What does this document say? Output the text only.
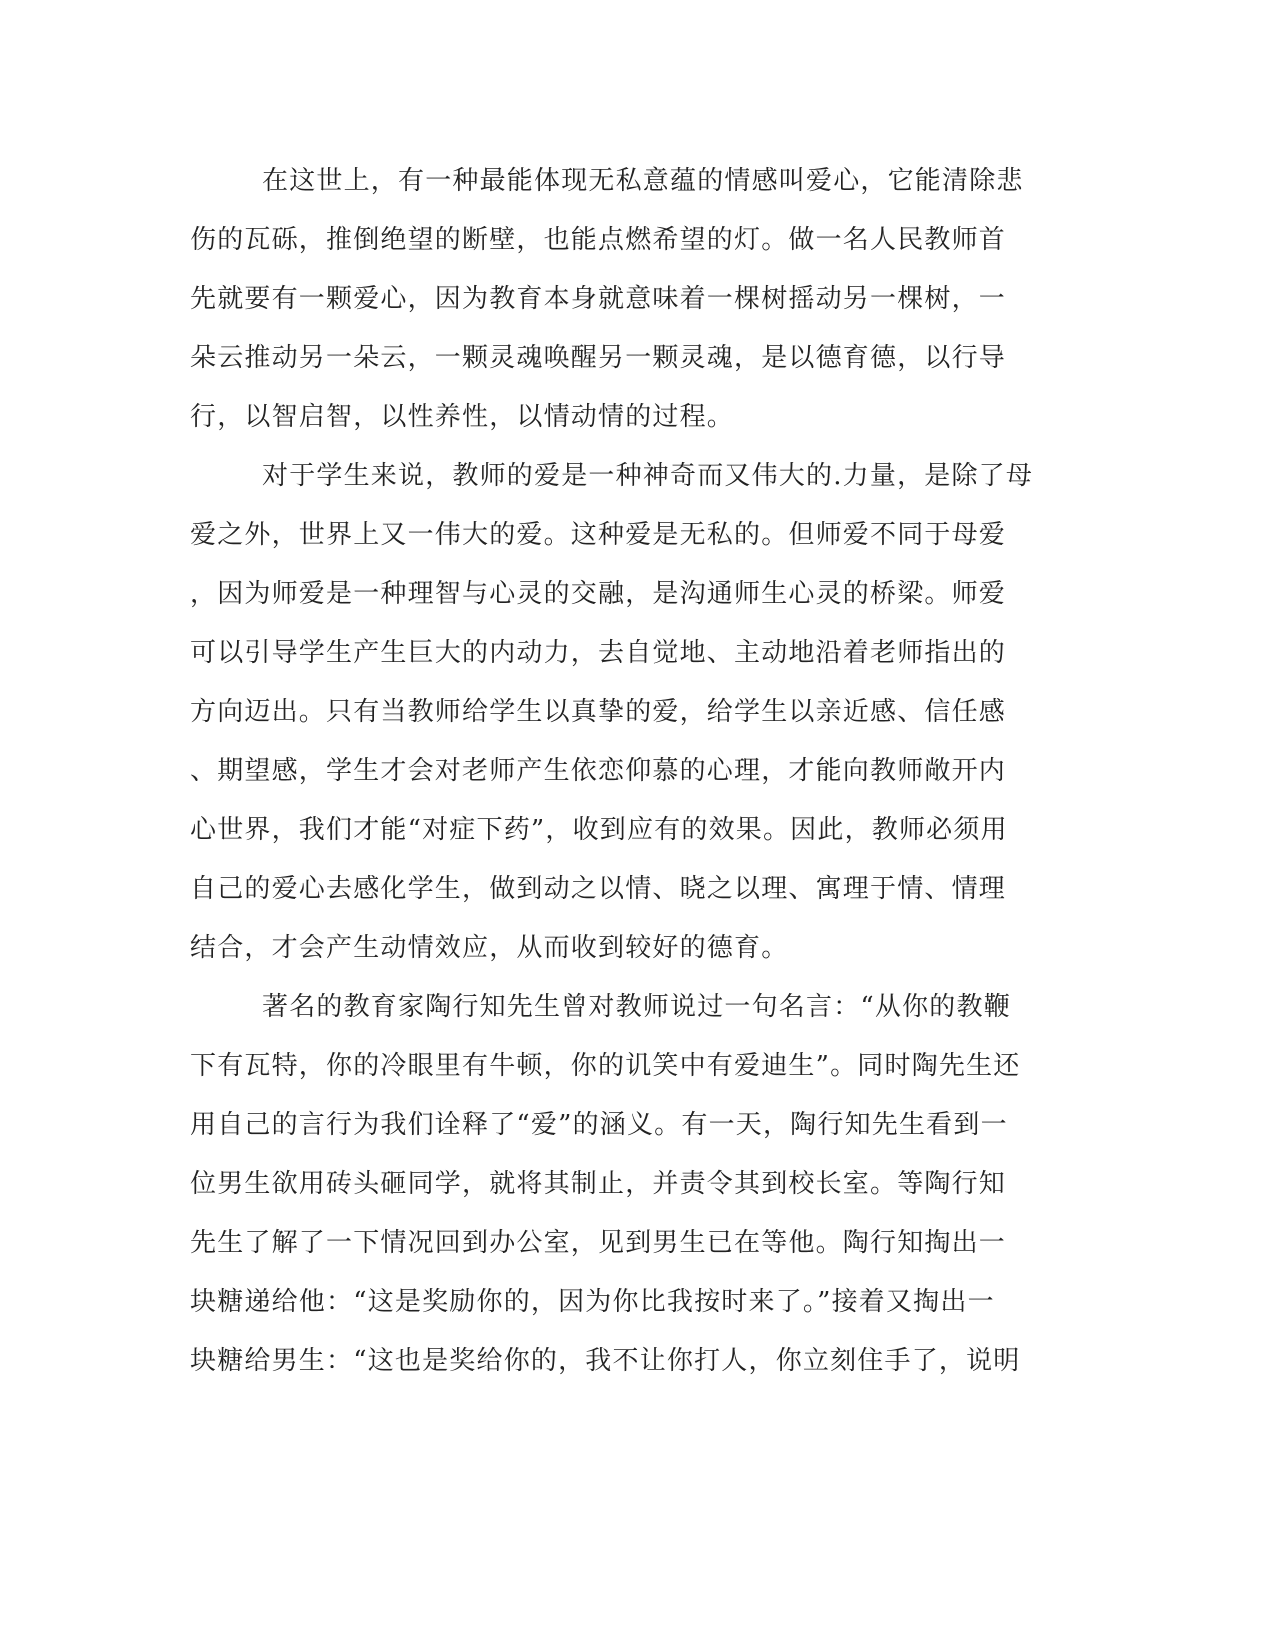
在这世上，有一种最能体现无私意蕴的情感叫爱心，它能清除悲
伤的瓦砾，推倒绝望的断壁，也能点燃希望的灯。做一名人民教师首
先就要有一颗爱心，因为教育本身就意味着一棵树摇动另一棵树，一
朵云推动另一朵云，一颗灵魂唤醒另一颗灵魂，是以德育德，以行导
行，以智启智，以性养性，以情动情的过程。
对于学生来说，教师的爱是一种神奇而又伟大的.力量，是除了母
爱之外，世界上又一伟大的爱。这种爱是无私的。但师爱不同于母爱
，因为师爱是一种理智与心灵的交融，是沟通师生心灵的桥梁。师爱
可以引导学生产生巨大的内动力，去自觉地、主动地沿着老师指出的
方向迈出。只有当教师给学生以真挚的爱，给学生以亲近感、信任感
、期望感，学生才会对老师产生依恋仰慕的心理，才能向教师敞开内
心世界，我们才能“对症下药”，收到应有的效果。因此，教师必须用
自己的爱心去感化学生，做到动之以情、晓之以理、寓理于情、情理
结合，才会产生动情效应，从而收到较好的德育。
著名的教育家陶行知先生曾对教师说过一句名言：“从你的教鞭
下有瓦特，你的冷眼里有牛顿，你的讥笑中有爱迪生”。同时陶先生还
用自己的言行为我们诠释了“爱”的涵义。有一天，陶行知先生看到一
位男生欲用砖头砸同学，就将其制止，并责令其到校长室。等陶行知
先生了解了一下情况回到办公室，见到男生已在等他。陶行知掏出一
块糖递给他：“这是奖励你的，因为你比我按时来了。”接着又掏出一
块糖给男生：“这也是奖给你的，我不让你打人，你立刻住手了，说明
